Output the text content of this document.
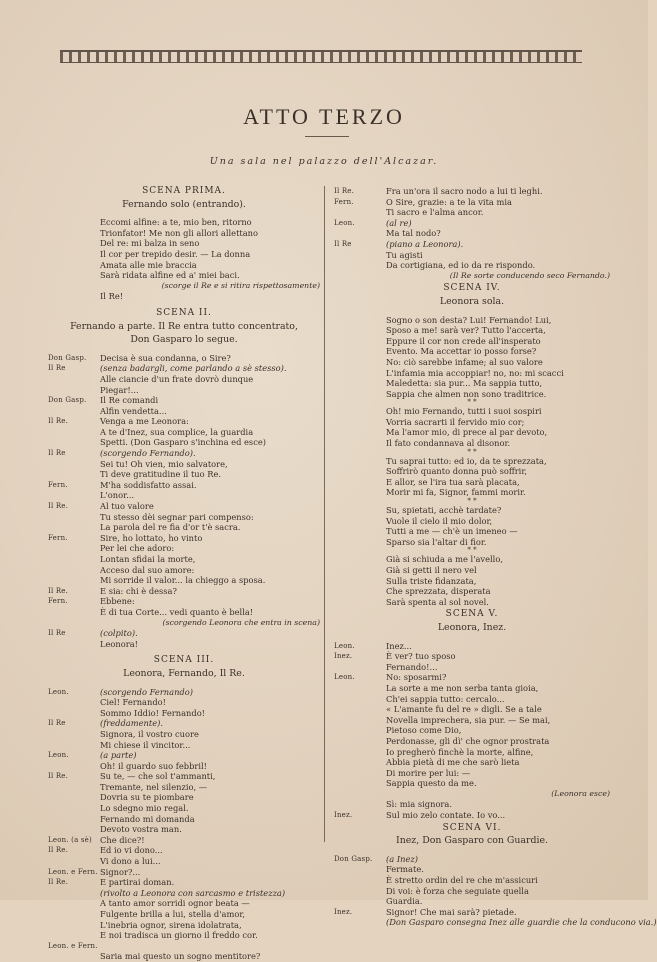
ATTO TERZO
Una sala nel palazzo dell'Alcazar.
SCENA PRIMA.
Fernando solo (entrando).
Eccomi alfine: a te, mio ben, ritorno
Trionfator! Me non gli allori allettano
Del re: mi balza in seno
Il cor per trepido desir. — La donna
Amata alle mie braccia
Sarà ridata alfine ed a' miei baci.
(scorge il Re e si ritira rispettosamente)
Il Re!
SCENA II.
Fernando a parte. Il Re entra tutto concentrato,
Don Gasparo lo segue.
Don Gasp.	Decisa è sua condanna, o Sire?
Il Re	(senza badargli, come parlando a sè stesso).
Alle ciancie d'un frate dovrò dunque
Piegar!...
Don Gasp.	Il Re comandi
Alfin vendetta...
Il Re.	Venga a me Leonora:
A te d'Inez, sua complice, la guardia
Spetti. (Don Gasparo s'inchina ed esce)
Il Re	(scorgendo Fernando).
Sei tu! Oh vien, mio salvatore,
Ti deve gratitudine il tuo Re.
Fern.	M'ha soddisfatto assai.
L'onor...
Il Re.	Al tuo valore
Tu stesso dèi segnar pari compenso:
La parola del re fia d'or t'è sacra.
Fern.	Sire, ho lottato, ho vinto
Per lei che adoro:
Lontan sfidai la morte,
Acceso dal suo amore:
Mi sorride il valor... la chieggo a sposa.
Il Re.	E sia: chi è dessa?
Fern.	Ebbene:
È di tua Corte... vedi quanto è bella!
(scorgendo Leonora che entra in scena)
Il Re	(colpito).
Leonora!
SCENA III.
Leonora, Fernando, Il Re.
Leon.	(scorgendo Fernando)
Ciel! Fernando!
Sommo Iddio! Fernando!
Il Re	(freddamente).
Signora, il vostro cuore
Mi chiese il vincitor...
Leon.	(a parte)
Oh! il guardo suo febbril!
Il Re.	Su te, — che sol t'ammanti,
Tremante, nel silenzio, —
Dovria su te piombare
Lo sdegno mio regal.
Fernando mi domanda
Devoto vostra man.
Leon. (a sè) Che dice?!
Il Re.	Ed io vi dono...
Vi dono a lui...
Leon. e Fern. Signor?...
Il Re.	E partirai doman.
(rivolto a Leonora con sarcasmo e tristezza)
A tanto amor sorridi ognor beata —
Fulgente brilla a lui, stella d'amor,
L'inebria ognor, sirena idolatrata,
E noi tradisca un giorno il freddo cor.
Leon. e Fern.
Saria mai questo un sogno mentitore?
Il Re.	Fra un'ora il sacro nodo a lui ti leghi.
Fern.	O Sire, grazie: a te la vita mia
Ti sacro e l'alma ancor.
Leon.	(al re)
Ma tal nodo?
Il Re	(piano a Leonora).
Tu agisti
Da cortigiana, ed io da re rispondo.
(Il Re sorte conducendo seco Fernando.)
SCENA IV.
Leonora sola.
Sogno o son desta? Lui! Fernando! Lui,
Sposo a me! sarà ver? Tutto l'accerta,
Eppure il cor non crede all'insperato
Evento. Ma accettar io posso forse?
No: ciò sarebbe infame; al suo valore
L'infamia mia accoppiar! no, no: mi scacci
Maledetta: sia pur... Ma sappia tutto,
Sappia che almen non sono traditrice.
* *
Oh! mio Fernando, tutti i suoi sospiri
Vorria sacrarti il fervido mio cor;
Ma l'amor mio, di prece al par devoto,
Il fato condannava al disonor.
* *
Tu saprai tutto: ed io, da te sprezzata,
Soffrirò quanto donna può soffrir,
E allor, se l'ira tua sarà placata,
Morir mi fa, Signor, fammi morir.
* *
Su, spietati, acchè tardate?
Vuole il cielo il mio dolor,
Tutti a me — ch'è un imeneo —
Sparso sia l'altar di fior.
* *
Già si schiuda a me l'avello,
Già si getti il nero vel
Sulla triste fidanzata,
Che sprezzata, disperata
Sarà spenta al sol novel.
SCENA V.
Leonora, Inez.
Leon.	Inez...
Inez.	È ver? tuo sposo
Fernando!...
Leon.	No: sposarmi?
La sorte a me non serba tanta gioia,
Ch'ei sappia tutto: cercalo...
« L'amante fu del re » digli. Se a tale
Novella imprechera, sia pur. — Se mai,
Pietoso come Dio,
Perdonasse, gli dì' che ognor prostrata
Io pregherò finchè la morte, alfine,
Abbia pietà di me che sarò lieta
Di morire per lui: —
Sappia questo da me.
(Leonora esce)
Sì: mia signora.
Inez.	Sul mio zelo contate. Io vo...
SCENA VI.
Inez, Don Gasparo con Guardie.
Don Gasp.	(a Inez)
Fermate.
È stretto ordin del re che m'assicuri
Di voi: è forza che seguiate quella
Guardia.
Inez.	Signor! Che mai sarà? pietade.
(Don Gasparo consegna Inez alle guardie che la conducono via.)
